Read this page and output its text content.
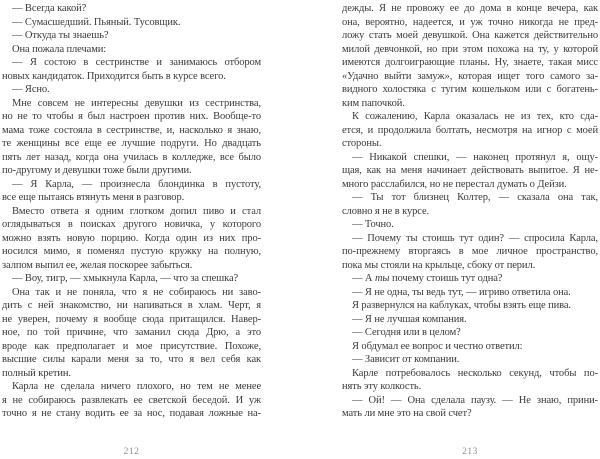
— Всегда какой?
— Сумасшедший. Пьяный. Тусовщик.
— Откуда ты знаешь?
Она пожала плечами:
— Я состою в сестринстве и занимаюсь отбором
новых кандидаток. Приходится быть в курсе всего.
— Ясно.
Мне совсем не интересны девушки из сестринства,
но не то чтобы я был настроен против них. Вообще-то
мама тоже состояла в сестринстве, и, насколько я знаю,
те женщины все еще ее лучшие подруги. Но двадцать
пять лет назад, когда она училась в колледже, все было
по-другому и девушки тоже были другими.
— Я Карла, — произнесла блондинка в пустоту,
все еще пытаясь втянуть меня в разговор.
Вместо ответа я одним глотком допил пиво и стал
оглядываться в поисках другого новичка, у которого
можно взять новую порцию. Когда один из них про-
носился мимо, я поменял пустую кружку на полную,
залпом выпил ее, желая поскорее забыться.
— Воу, тигр, — хмыкнула Карла, — что за спешка?
Она так и не поняла, что я не собираюсь ни заво-
дить с ней знакомство, ни напиваться в хлам. Черт, я
не уверен, почему я вообще сюда притащился. Навер-
ное, по той причине, что заманил сюда Дрю, а это
вроде как предполагает и мое присутствие. Похоже,
высшие силы карали меня за то, что я вел себя как
полный кретин.
Карла не сделала ничего плохого, но тем не менее
я не собираюсь развлекать ее светской беседой. И уж
точно я не стану водить ее за нос, подавая ложные на-
дежды. Я не провожу ее до дома в конце вечера, как
она, вероятно, надеется, и уж точно никогда не пред-
ложу стать моей девушкой. Она кажется действительно
милой девчонкой, но при этом похожа на ту, у которой
имеются долгоиграющие планы. Ну, знаете, такая мисс
«Удачно выйти замуж», которая ищет того самого за-
видного холостяка с тугим кошельком или с богатень-
ким папочкой.
К сожалению, Карла оказалась не из тех, кто сда-
ется, и продолжила болтать, несмотря на игнор с моей
стороны.
— Никакой спешки, — наконец протянул я, ощу-
щая, как на меня начинает действовать выпитое. Я не-
много расслабился, но не перестал думать о Дейзи.
— Ты тот близнец Колтер, — сказала она так,
словно я не в курсе.
— Точно.
— Почему ты стоишь тут один? — спросила Карла,
по-прежнему вторгаясь в мое личное пространство,
пока мы стояли на крыльце, сбоку от перил.
— А ты почему стоишь тут одна?
— Я не одна, ты ведь тут, — игриво ответила она.
Я развернулся на каблуках, чтобы взять еще пива.
— Я не лучшая компания.
— Сегодня или в целом?
Я обдумал ее вопрос и честно ответил:
— Зависит от компании.
Карле потребовалось несколько секунд, чтобы по-
нять эту колкость.
— Ой! — Она сделала паузу. — Не знаю, прини-
мать ли мне это на свой счет?
212	213
